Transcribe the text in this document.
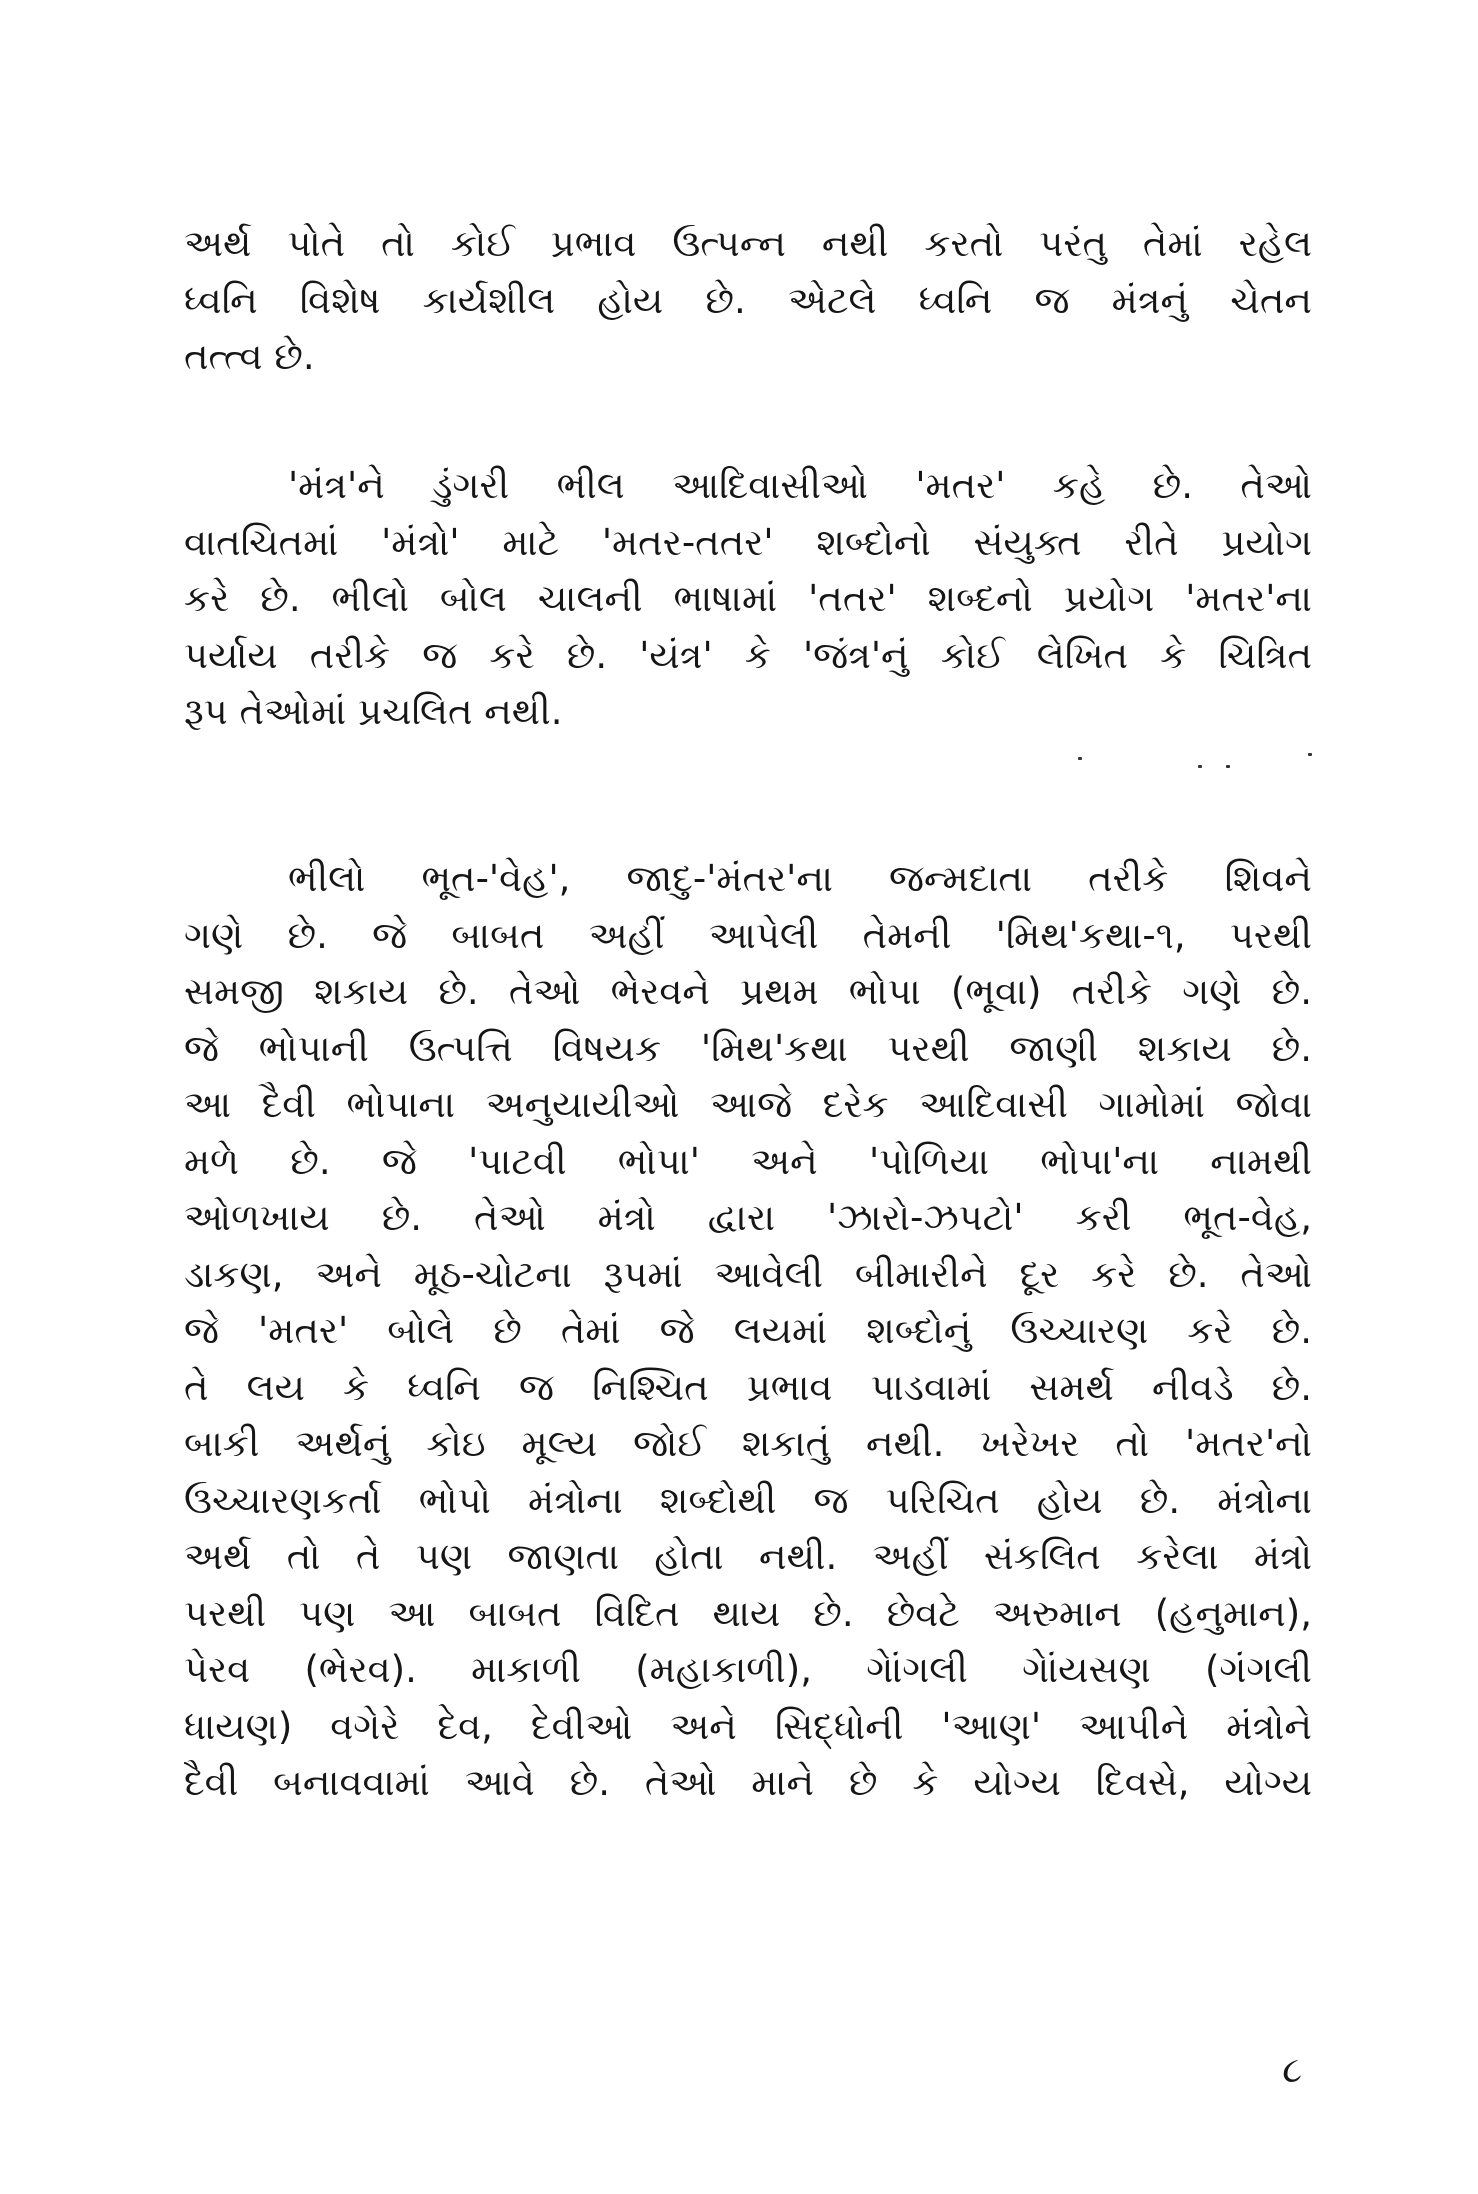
અર્થ પોતે તો કોઈ પ્રભાવ ઉત્પન્ન નથી કરતો પરંતુ તેમાં રહેલ
ધ્વનિ વિશેષ કાર્યશીલ હોય છે. એટલે ધ્વનિ જ મંત્રનું ચેતન
તત્ત્વ છે.
'મંત્ર'ને ડુંગરી ભીલ આદિવાસીઓ 'મતર' કહે છે. તેઓ
વાતચિતમાં 'મંત્રો' માટે 'મતર-તતર' શબ્દોનો સંયુક્ત રીતે પ્રયોગ
કરે છે. ભીલો બોલ ચાલની ભાષામાં 'તતર' શબ્દનો પ્રયોગ 'મતર'ના
પર્યાય તરીકે જ કરે છે. 'યંત્ર' કે 'જંત્ર'નું કોઈ લેખિત કે ચિત્રિત
રૂપ તેઓમાં પ્રચલિત નથી.
ભીલો ભૂત-'વેહ', જાદુ-'મંતર'ના જન્મદાતા તરીકે શિવને
ગણે છે. જે બાબત અહીં આપેલી તેમની 'મિથ'કથા-૧, પરથી
સમજી શકાય છે. તેઓ ભેરવને પ્રથમ ભોપા (ભૂવા) તરીકે ગણે છે.
જે ભોપાની ઉત્પત્તિ વિષયક 'મિથ'કથા પરથી જાણી શકાય છે.
આ દૈવી ભોપાના અનુયાયીઓ આજે દરેક આદિવાસી ગામોમાં જોવા
મળે છે. જે 'પાટવી ભોપા' અને 'પોળિયા ભોપા'ના નામથી
ઓળખાય છે. તેઓ મંત્રો દ્વારા 'ઝારો-ઝપટો' કરી ભૂત-વેહ,
ડાકણ, અને મૂઠ-ચોટના રૂપમાં આવેલી બીમારીને દૂર કરે છે. તેઓ
જે 'મતર' બોલે છે તેમાં જે લયમાં શબ્દોનું ઉચ્ચારણ કરે છે.
તે લય કે ધ્વનિ જ નિશ્ચિત પ્રભાવ પાડવામાં સમર્થ નીવડે છે.
બાકી અર્થનું કોઇ મૂલ્ય જોઈ શકાતું નથી. ખરેખર તો 'મતર'નો
ઉચ્ચારણકર્તા ભોપો મંત્રોના શબ્દોથી જ પરિચિત હોય છે. મંત્રોના
અર્થ તો તે પણ જાણતા હોતા નથી. અહીં સંકલિત કરેલા મંત્રો
પરથી પણ આ બાબત વિદિત થાય છે. છેવટે અરુમાન (હનુમાન),
પેરવ (ભેરવ). માકાળી (મહાકાળી), ગેાંગલી ગેાંયસણ (ગંગલી
ધાયણ) વગેરે દેવ, દેવીઓ અને સિદ્ધોની 'આણ' આપીને મંત્રોને
દૈવી બનાવવામાં આવે છે. તેઓ માને છે કે યોગ્ય દિવસે, યોગ્ય
૮
